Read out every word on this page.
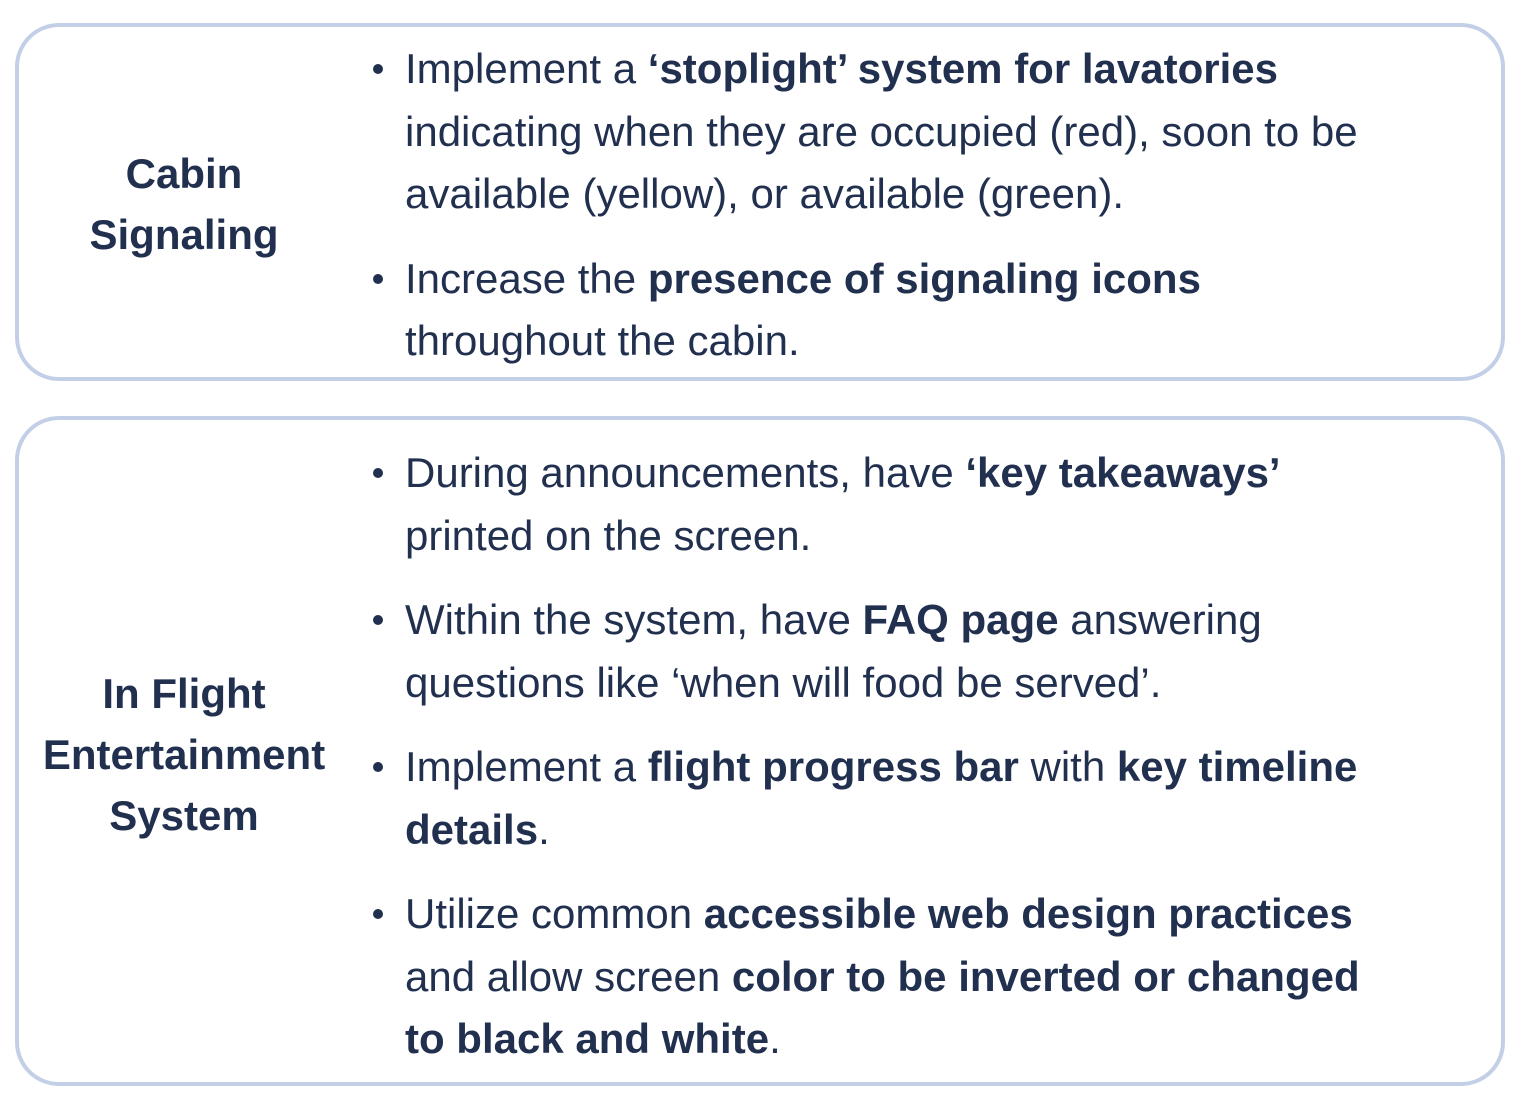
Cabin
Signaling
Implement a ‘stoplight’ system for lavatories
indicating when they are occupied (red), soon to be
available (yellow), or available (green).
Increase the presence of signaling icons
throughout the cabin.
In Flight
Entertainment
System
During announcements, have ‘key takeaways’
printed on the screen.
Within the system, have FAQ page answering
questions like ‘when will food be served’.
Implement a flight progress bar with key timeline
details.
Utilize common accessible web design practices
and allow screen color to be inverted or changed
to black and white.
